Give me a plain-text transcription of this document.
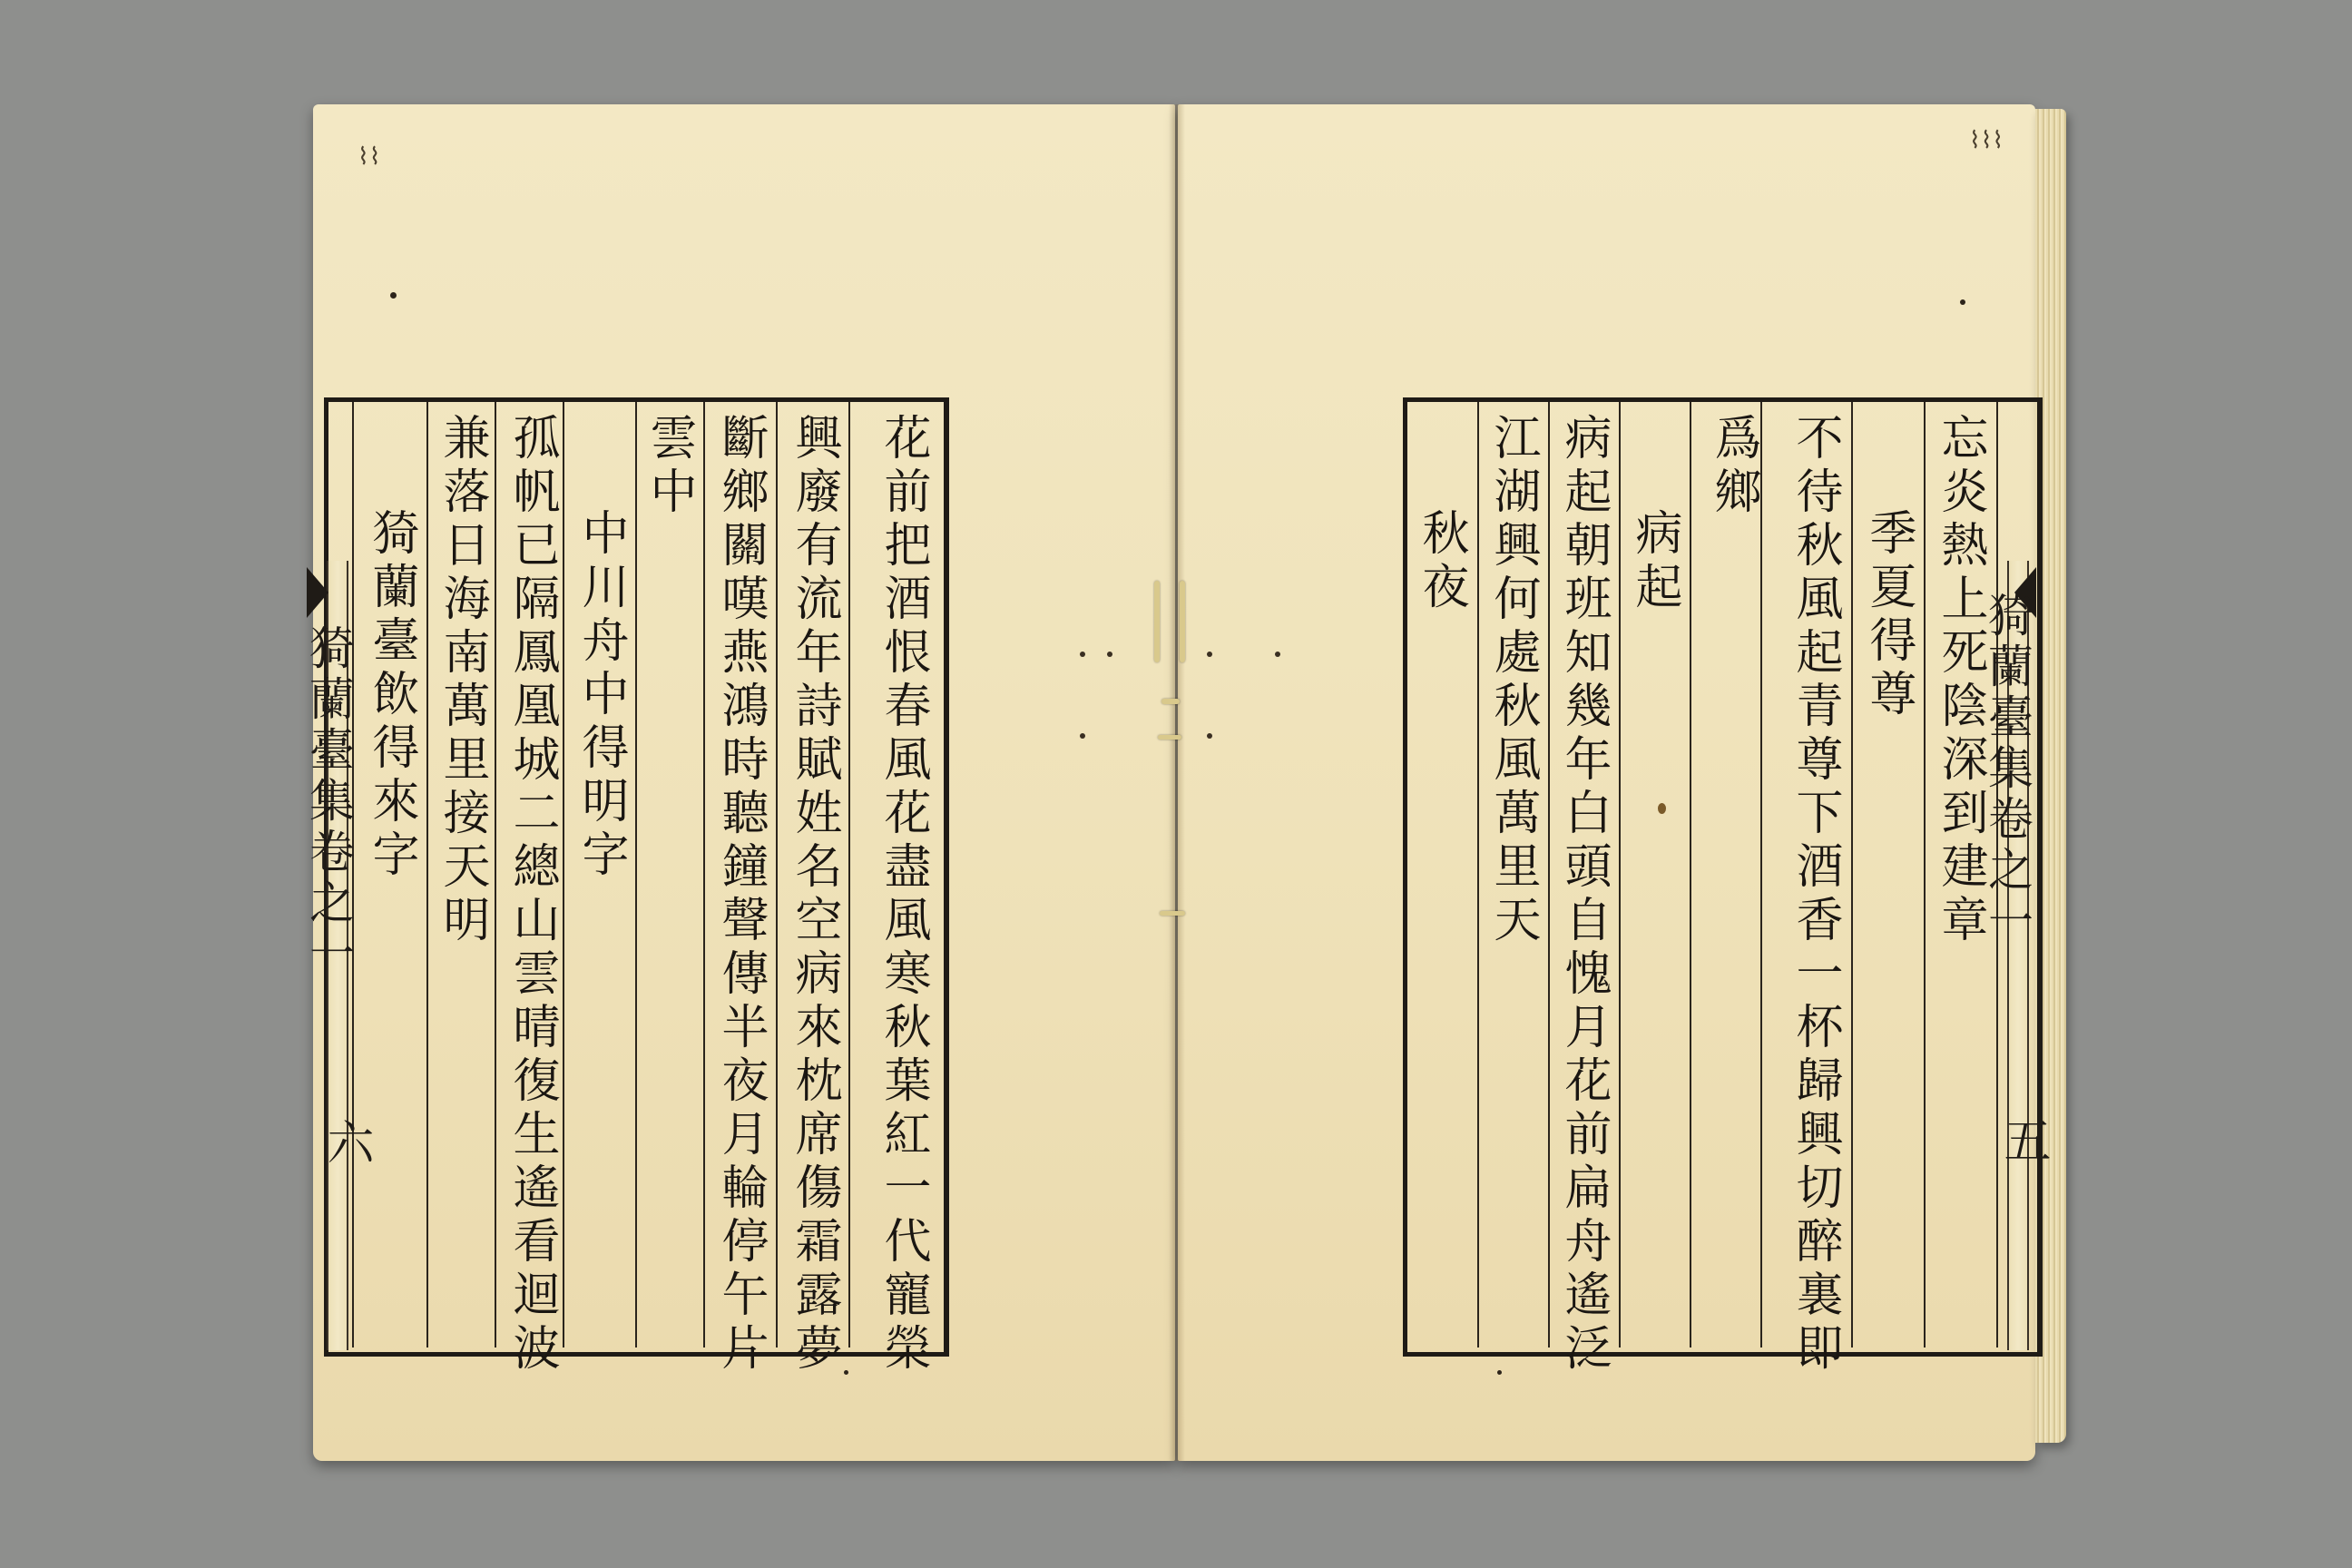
⌇⌇
⌇⌇⌇
猗蘭臺集卷之一
六	花前把酒恨春風花盡風寒秋葉紅一代寵榮
興廢有流年詩賦姓名空病來枕席傷霜露夢
斷鄉關嘆燕鴻時聽鐘聲傳半夜月輪停午片
雲中
中川舟中得明字
孤帆已隔鳳凰城二總山雲晴復生遙看迴波
兼落日海南萬里接天明
猗蘭臺飲得來字	猗蘭臺集卷之一
五
忘炎熱上死陰深到建章
季夏得尊
不待秋風起青尊下酒香一杯歸興切醉裏即
爲鄉
病起
病起朝班知幾年白頭自愧月花前扁舟遙泛
江湖興何處秋風萬里天
秋夜
